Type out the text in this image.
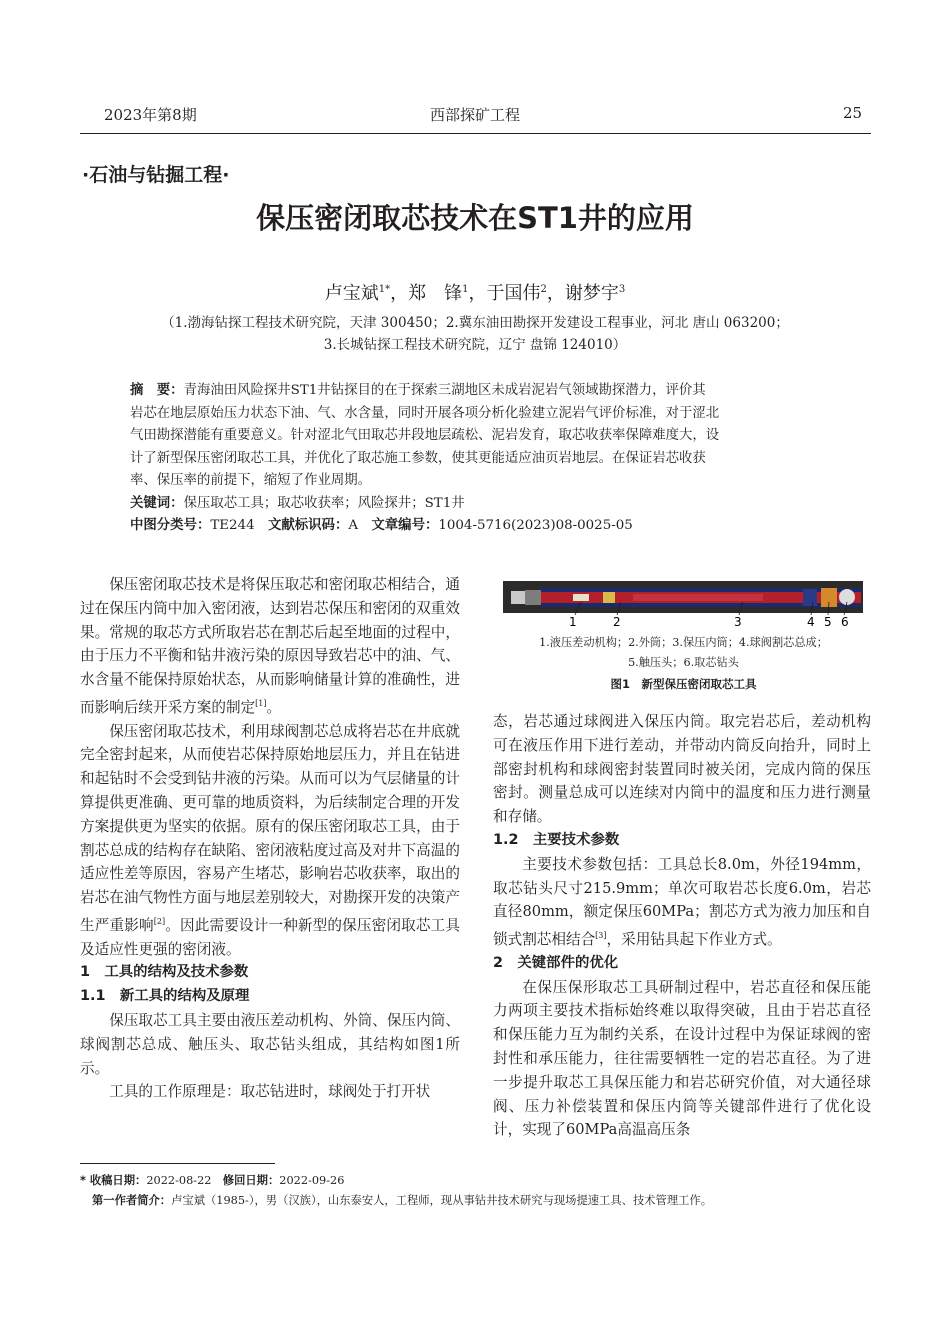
2023年第8期	西部探矿工程	25
·石油与钻掘工程·
保压密闭取芯技术在ST1井的应用
卢宝斌$^{1*}$，郑　锋$^1$，于国伟$^2$，谢梦宇$^3$
（1.渤海钻探工程技术研究院，天津 300450；2.冀东油田勘探开发建设工程事业，河北 唐山 063200；
3.长城钻探工程技术研究院，辽宁 盘锦 124010）
摘　要：青海油田风险探井ST1井钻探目的在于探索三湖地区未成岩泥岩气领域勘探潜力，评价其
岩芯在地层原始压力状态下油、气、水含量，同时开展各项分析化验建立泥岩气评价标准，对于涩北
气田勘探潜能有重要意义。针对涩北气田取芯井段地层疏松、泥岩发育，取芯收获率保障难度大，设
计了新型保压密闭取芯工具，并优化了取芯施工参数，使其更能适应油页岩地层。在保证岩芯收获
率、保压率的前提下，缩短了作业周期。
关键词：保压取芯工具；取芯收获率；风险探井；ST1井
中图分类号：TE244　 文献标识码：A　 文章编号：1004-5716(2023)08-0025-05

保压密闭取芯技术是将保压取芯和密闭取芯相结合，通过在保压内筒中加入密闭液，达到岩芯保压和密闭的双重效果。常规的取芯方式所取岩芯在割芯后起至地面的过程中，由于压力不平衡和钻井液污染的原因导致岩芯中的油、气、水含量不能保持原始状态，从而影响储量计算的准确性，进而影响后续开采方案的制定[1]。

保压密闭取芯技术，利用球阀割芯总成将岩芯在井底就完全密封起来，从而使岩芯保持原始地层压力，并且在钻进和起钻时不会受到钻井液的污染。从而可以为气层储量的计算提供更准确、更可靠的地质资料，为后续制定合理的开发方案提供更为坚实的依据。原有的保压密闭取芯工具，由于割芯总成的结构存在缺陷、密闭液粘度过高及对井下高温的适应性差等原因，容易产生堵芯，影响岩芯收获率，取出的岩芯在油气物性方面与地层差别较大，对勘探开发的决策产生严重影响[2]。因此需要设计一种新型的保压密闭取芯工具及适应性更强的密闭液。

1　工具的结构及技术参数
1.1　新工具的结构及原理

保压取芯工具主要由液压差动机构、外筒、保压内筒、球阀割芯总成、触压头、取芯钻头组成，其结构如图1所示。

工具的工作原理是：取芯钻进时，球阀处于打开状

1	2	3	4 5 6
1.液压差动机构；2.外筒；3.保压内筒；4.球阀割芯总成；
5.触压头；6.取芯钻头
图1　 新型保压密闭取芯工具

态，岩芯通过球阀进入保压内筒。取完岩芯后，差动机构可在液压作用下进行差动，并带动内筒反向抬升，同时上部密封机构和球阀密封装置同时被关闭，完成内筒的保压密封。测量总成可以连续对内筒中的温度和压力进行测量和存储。

1.2　主要技术参数

主要技术参数包括：工具总长8.0m，外径194mm，取芯钻头尺寸215.9mm；单次可取岩芯长度6.0m，岩芯直径80mm，额定保压60MPa；割芯方式为液力加压和自锁式割芯相结合[3]，采用钻具起下作业方式。

2　关键部件的优化

在保压保形取芯工具研制过程中，岩芯直径和保压能力两项主要技术指标始终难以取得突破，且由于岩芯直径和保压能力互为制约关系，在设计过程中为保证球阀的密封性和承压能力，往往需要牺牲一定的岩芯直径。为了进一步提升取芯工具保压能力和岩芯研究价值，对大通径球阀、压力补偿装置和保压内筒等关键部件进行了优化设计，实现了60MPa高温高压条

* 收稿日期：2022-08-22　 修回日期：2022-09-26
第一作者简介：卢宝斌（1985-），男（汉族），山东泰安人，工程师，现从事钻井技术研究与现场提速工具、技术管理工作。
